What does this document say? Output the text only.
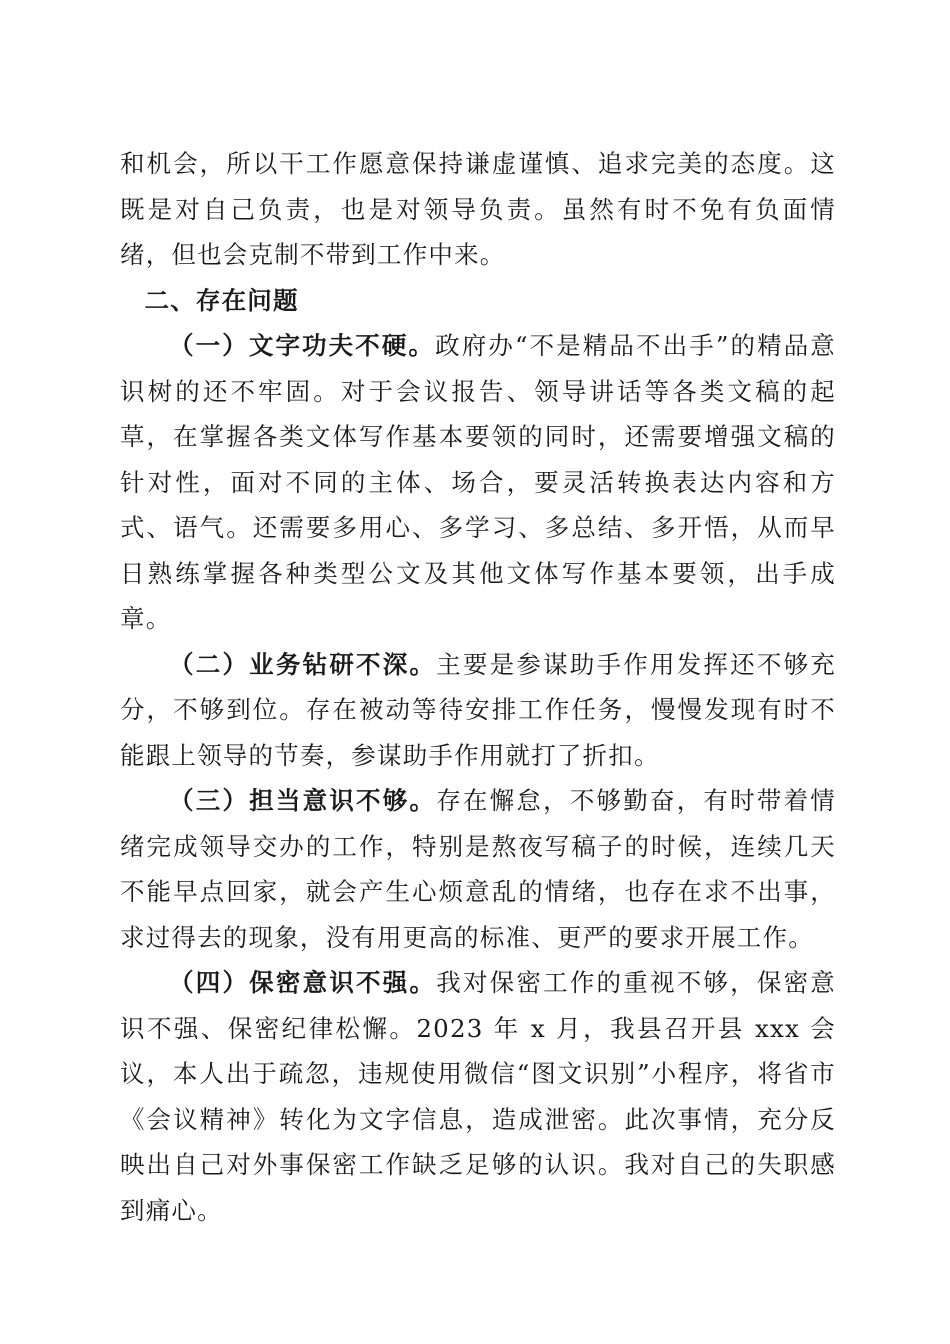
和机会，所以干工作愿意保持谦虚谨慎、追求完美的态度。这既是对自己负责，也是对领导负责。虽然有时不免有负面情绪，但也会克制不带到工作中来。

二、存在问题

（一）文字功夫不硬。政府办“不是精品不出手”的精品意识树的还不牢固。对于会议报告、领导讲话等各类文稿的起草，在掌握各类文体写作基本要领的同时，还需要增强文稿的针对性，面对不同的主体、场合，要灵活转换表达内容和方式、语气。还需要多用心、多学习、多总结、多开悟，从而早日熟练掌握各种类型公文及其他文体写作基本要领，出手成章。

（二）业务钻研不深。主要是参谋助手作用发挥还不够充分，不够到位。存在被动等待安排工作任务，慢慢发现有时不能跟上领导的节奏，参谋助手作用就打了折扣。

（三）担当意识不够。存在懈怠，不够勤奋，有时带着情绪完成领导交办的工作，特别是熬夜写稿子的时候，连续几天不能早点回家，就会产生心烦意乱的情绪，也存在求不出事，求过得去的现象，没有用更高的标准、更严的要求开展工作。

（四）保密意识不强。我对保密工作的重视不够，保密意识不强、保密纪律松懈。2023 年 x 月，我县召开县 xxx 会议，本人出于疏忽，违规使用微信“图文识别”小程序，将省市《会议精神》转化为文字信息，造成泄密。此次事情，充分反映出自己对外事保密工作缺乏足够的认识。我对自己的失职感到痛心。
